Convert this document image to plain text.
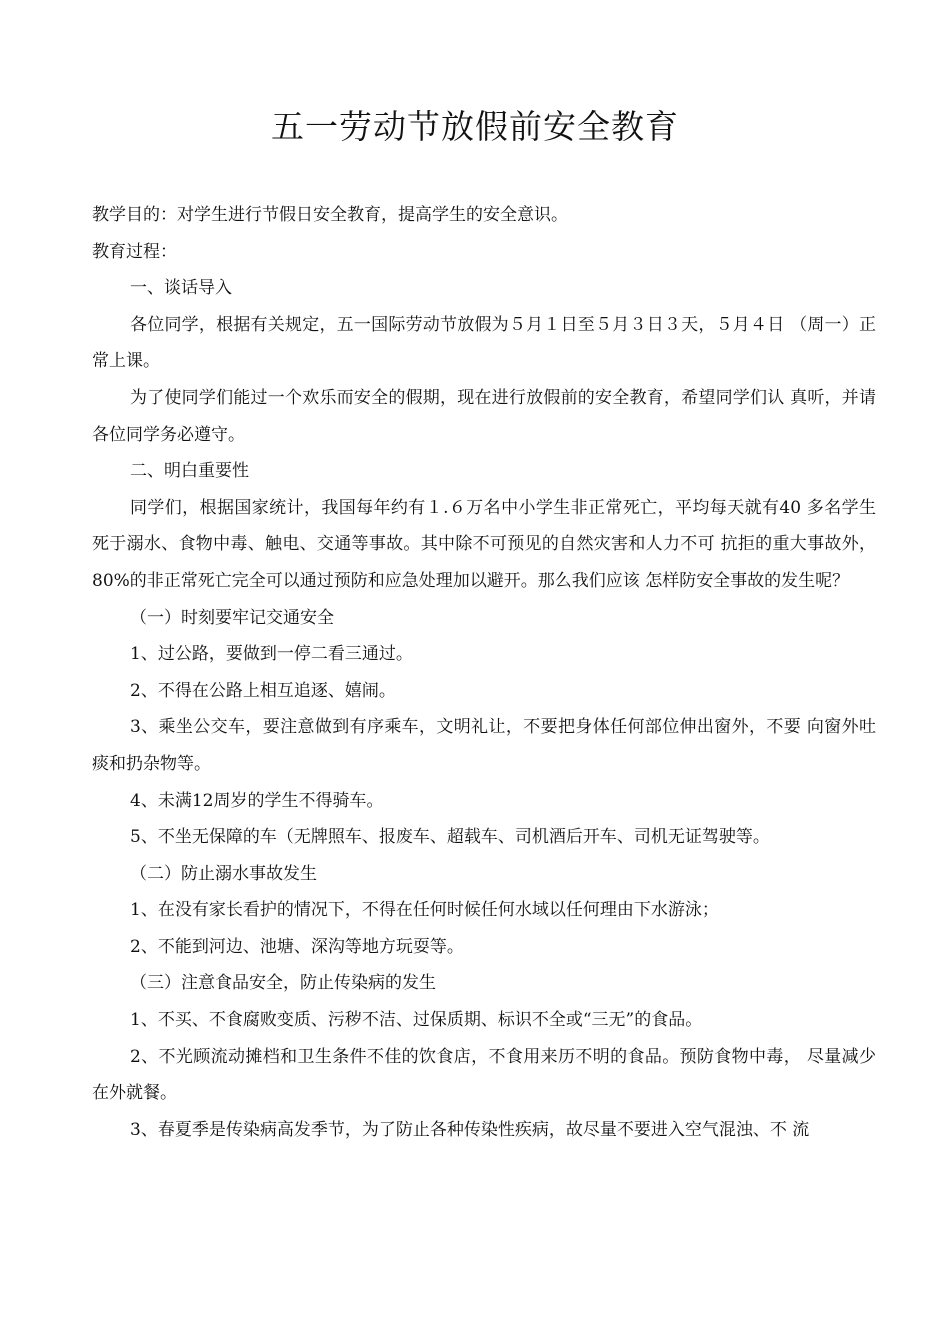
五一劳动节放假前安全教育

教学目的：对学生进行节假日安全教育，提高学生的安全意识。

教育过程：

一、谈话导入

各位同学，根据有关规定，五一国际劳动节放假为５月１日至５月３日３天，５月４日 （周一）正常上课。

为了使同学们能过一个欢乐而安全的假期，现在进行放假前的安全教育，希望同学们认 真听，并请各位同学务必遵守。

二、明白重要性

同学们，根据国家统计，我国每年约有１.６万名中小学生非正常死亡，平均每天就有40 多名学生死于溺水、食物中毒、触电、交通等事故。其中除不可预见的自然灾害和人力不可 抗拒的重大事故外，80%的非正常死亡完全可以通过预防和应急处理加以避开。那么我们应该 怎样防安全事故的发生呢？

（一）时刻要牢记交通安全

1、过公路，要做到一停二看三通过。

2、不得在公路上相互追逐、嬉闹。

3、乘坐公交车，要注意做到有序乘车，文明礼让，不要把身体任何部位伸出窗外，不要 向窗外吐痰和扔杂物等。

4、未满12周岁的学生不得骑车。

5、不坐无保障的车（无牌照车、报废车、超载车、司机酒后开车、司机无证驾驶等。

（二）防止溺水事故发生

1、在没有家长看护的情况下，不得在任何时候任何水域以任何理由下水游泳；

2、不能到河边、池塘、深沟等地方玩耍等。

（三）注意食品安全，防止传染病的发生

1、不买、不食腐败变质、污秽不洁、过保质期、标识不全或“三无”的食品。

2、不光顾流动摊档和卫生条件不佳的饮食店，不食用来历不明的食品。预防食物中毒， 尽量减少在外就餐。

3、春夏季是传染病高发季节，为了防止各种传染性疾病，故尽量不要进入空气混浊、不 流
